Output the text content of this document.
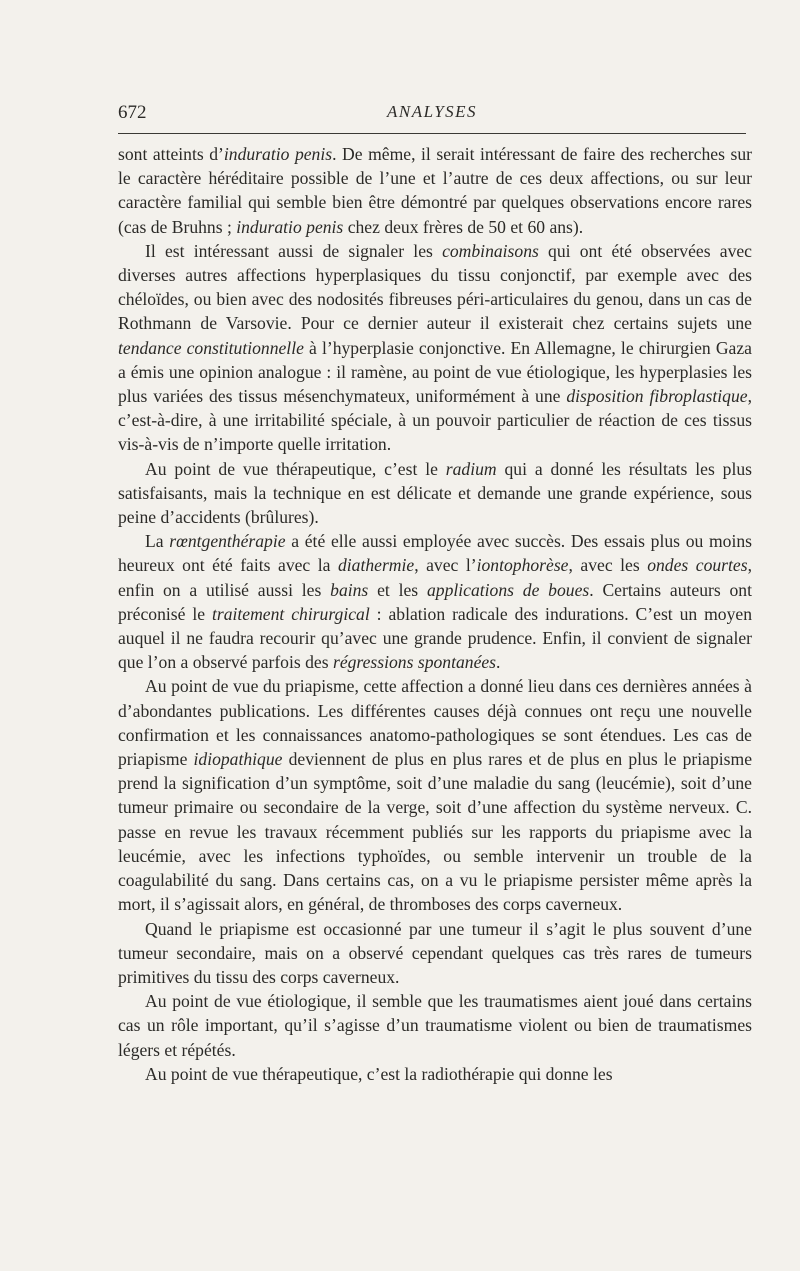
672	ANALYSES

sont atteints d’induratio penis. De même, il serait intéressant de faire des recherches sur le caractère héréditaire possible de l’une et l’autre de ces deux affections, ou sur leur caractère familial qui semble bien être démontré par quelques observations encore rares (cas de Bruhns ; induratio penis chez deux frères de 50 et 60 ans).

Il est intéressant aussi de signaler les combinaisons qui ont été observées avec diverses autres affections hyperplasiques du tissu conjonctif, par exemple avec des chéloïdes, ou bien avec des nodosités fibreuses péri-articulaires du genou, dans un cas de Rothmann de Varsovie. Pour ce dernier auteur il existerait chez certains sujets une tendance constitutionnelle à l’hyperplasie conjonctive. En Allemagne, le chirurgien Gaza a émis une opinion analogue : il ramène, au point de vue étiologique, les hyperplasies les plus variées des tissus mésenchymateux, uniformément à une disposition fibroplastique, c’est-à-dire, à une irritabilité spéciale, à un pouvoir particulier de réaction de ces tissus vis-à-vis de n’importe quelle irritation.

Au point de vue thérapeutique, c’est le radium qui a donné les résultats les plus satisfaisants, mais la technique en est délicate et demande une grande expérience, sous peine d’accidents (brûlures).

La rœntgenthérapie a été elle aussi employée avec succès. Des essais plus ou moins heureux ont été faits avec la diathermie, avec l’iontophorèse, avec les ondes courtes, enfin on a utilisé aussi les bains et les applications de boues. Certains auteurs ont préconisé le traitement chirurgical : ablation radicale des indurations. C’est un moyen auquel il ne faudra recourir qu’avec une grande prudence. Enfin, il convient de signaler que l’on a observé parfois des régressions spontanées.

Au point de vue du priapisme, cette affection a donné lieu dans ces dernières années à d’abondantes publications. Les différentes causes déjà connues ont reçu une nouvelle confirmation et les connaissances anatomo-pathologiques se sont étendues. Les cas de priapisme idiopathique deviennent de plus en plus rares et de plus en plus le priapisme prend la signification d’un symptôme, soit d’une maladie du sang (leucémie), soit d’une tumeur primaire ou secondaire de la verge, soit d’une affection du système nerveux. C. passe en revue les travaux récemment publiés sur les rapports du priapisme avec la leucémie, avec les infections typhoïdes, ou semble intervenir un trouble de la coagulabilité du sang. Dans certains cas, on a vu le priapisme persister même après la mort, il s’agissait alors, en général, de thromboses des corps caverneux.

Quand le priapisme est occasionné par une tumeur il s’agit le plus souvent d’une tumeur secondaire, mais on a observé cependant quelques cas très rares de tumeurs primitives du tissu des corps caverneux.

Au point de vue étiologique, il semble que les traumatismes aient joué dans certains cas un rôle important, qu’il s’agisse d’un traumatisme violent ou bien de traumatismes légers et répétés.

Au point de vue thérapeutique, c’est la radiothérapie qui donne les
